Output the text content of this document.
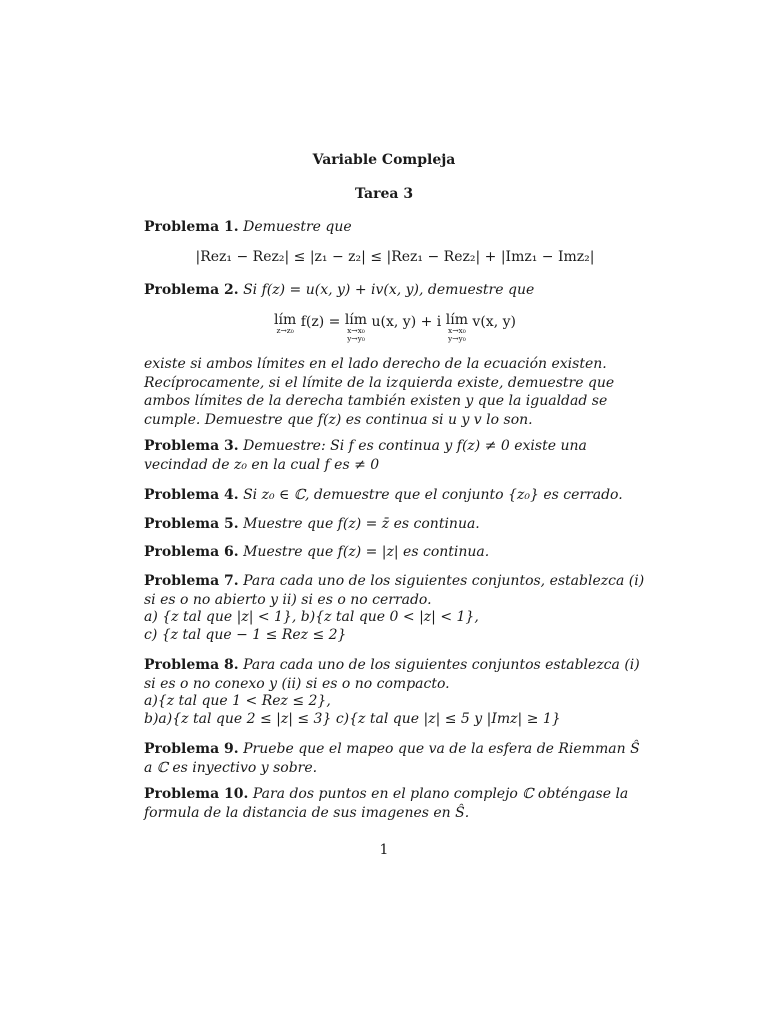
Variable Compleja
Tarea 3
Problema 1. Demuestre que
|Rez₁ − Rez₂| ≤ |z₁ − z₂| ≤ |Rez₁ − Rez₂| + |Imz₁ − Imz₂|
Problema 2. Si f(z) = u(x, y) + iv(x, y), demuestre que
lím
z→z₀
f(z) = lím
x→x₀
y→y₀
u(x, y) + i lím
x→x₀
y→y₀
v(x, y)
existe si ambos límites en el lado derecho de la ecuación existen. Recíprocamente, si el límite de la izquierda existe, demuestre que ambos límites de la derecha también existen y que la igualdad se cumple. Demuestre que f(z) es continua si u y v lo son.
Problema 3. Demuestre: Si f es continua y f(z) ≠ 0 existe una vecindad de z₀ en la cual f es ≠ 0
Problema 4. Si z₀ ∈ ℂ, demuestre que el conjunto {z₀} es cerrado.
Problema 5. Muestre que f(z) = z̄ es continua.
Problema 6. Muestre que f(z) = |z| es continua.
Problema 7. Para cada uno de los siguientes conjuntos, establezca (i) si es o no abierto y ii) si es o no cerrado.
a) {z tal que |z| < 1}, b){z tal que 0 < |z| < 1},
c) {z tal que − 1 ≤ Rez ≤ 2}
Problema 8. Para cada uno de los siguientes conjuntos establezca (i) si es o no conexo y (ii) si es o no compacto.
a){z tal que 1 < Rez ≤ 2},
b)a){z tal que 2 ≤ |z| ≤ 3} c){z tal que |z| ≤ 5 y |Imz| ≥ 1}
Problema 9. Pruebe que el mapeo que va de la esfera de Riemman Ŝ a ℂ es inyectivo y sobre.
Problema 10. Para dos puntos en el plano complejo ℂ obténgase la formula de la distancia de sus imagenes en Ŝ.
1
